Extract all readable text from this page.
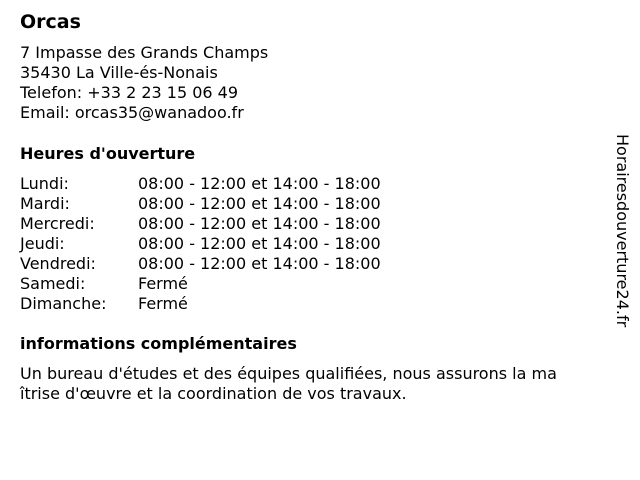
Orcas
7 Impasse des Grands Champs
35430 La Ville-és-Nonais
Telefon: +33 2 23 15 06 49
Email: orcas35@wanadoo.fr
Heures d'ouverture
Lundi:	08:00 - 12:00 et 14:00 - 18:00
Mardi:	08:00 - 12:00 et 14:00 - 18:00
Mercredi:	08:00 - 12:00 et 14:00 - 18:00
Jeudi:	08:00 - 12:00 et 14:00 - 18:00
Vendredi:	08:00 - 12:00 et 14:00 - 18:00
Samedi:	Fermé
Dimanche:	Fermé
informations complémentaires
Un bureau d'études et des équipes qualifiées, nous assurons la ma
îtrise d'œuvre et la coordination de vos travaux.
Horairesdouverture24.fr
